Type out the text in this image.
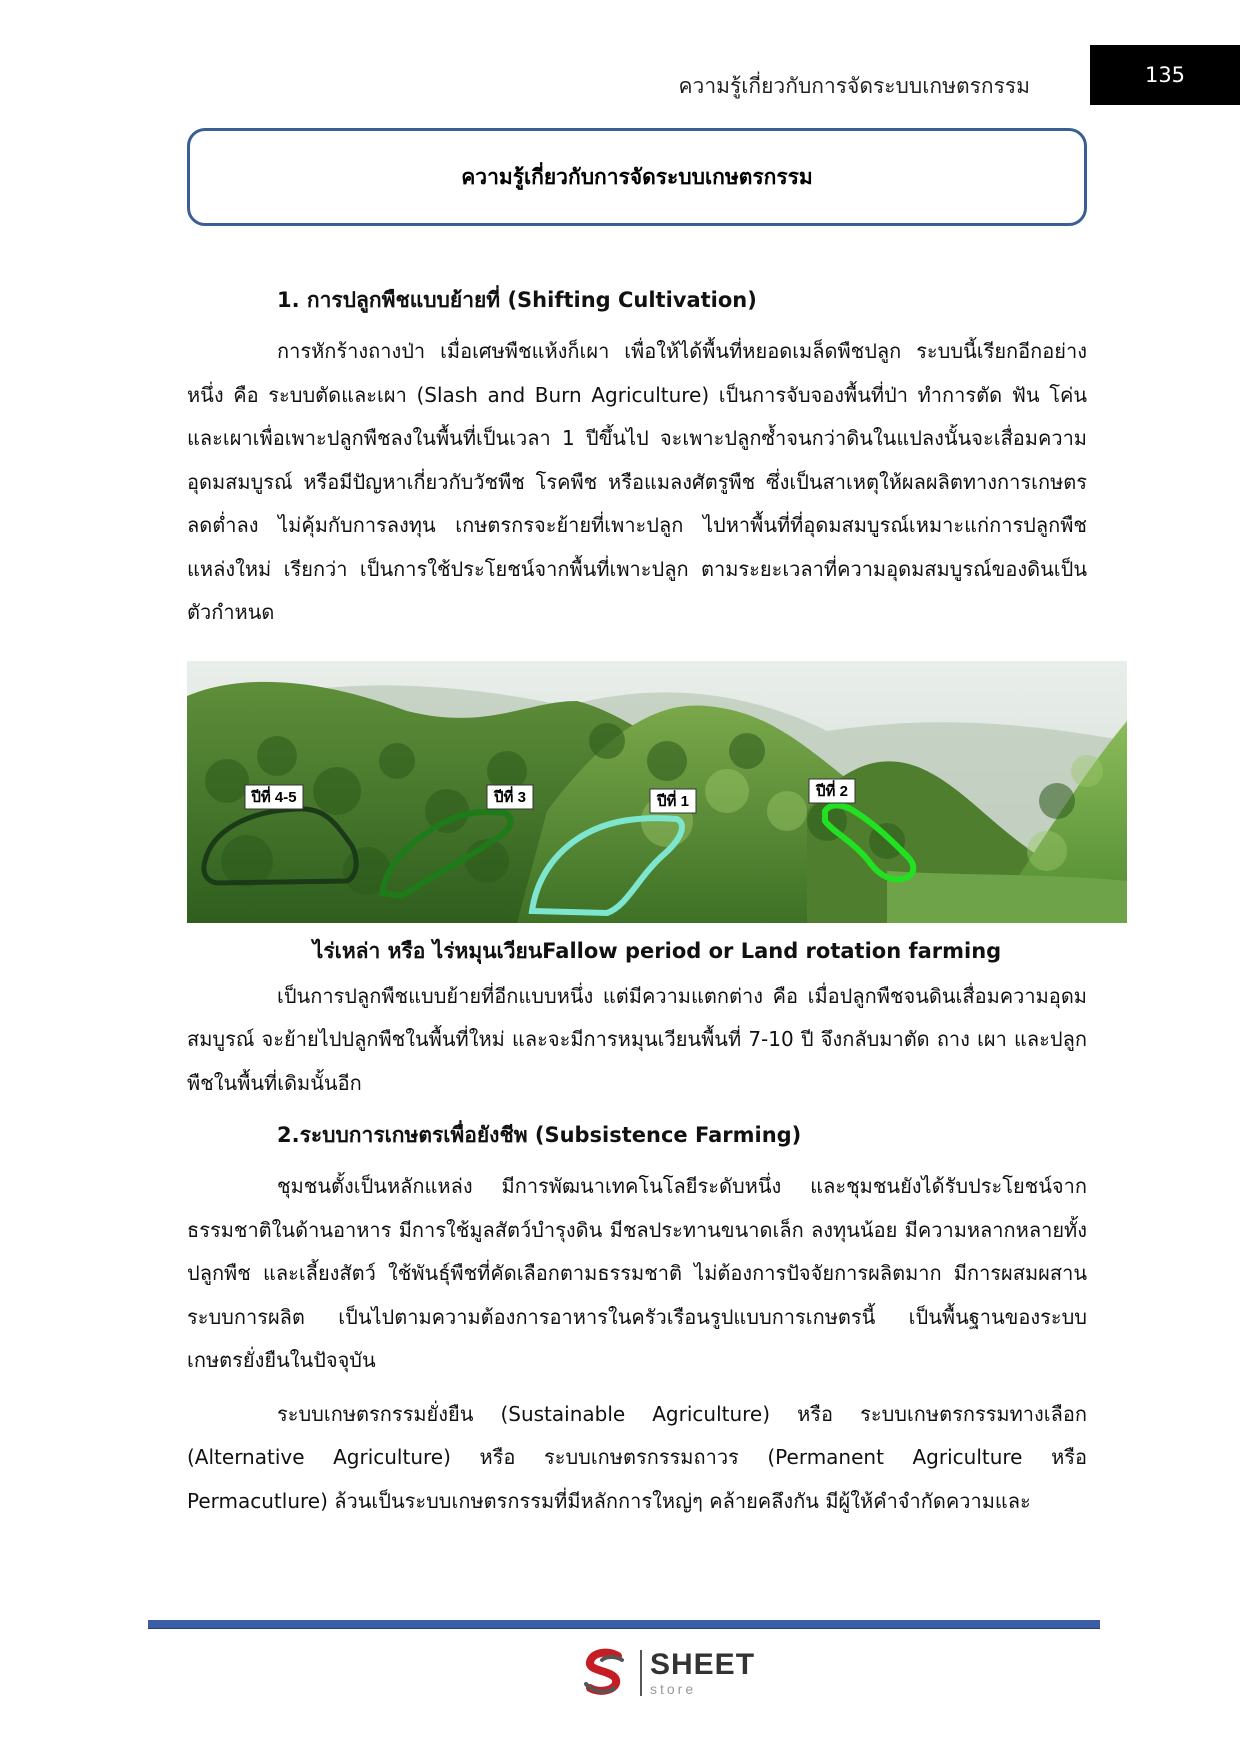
ความรู้เกี่ยวกับการจัดระบบเกษตรกรรม	135
ความรู้เกี่ยวกับการจัดระบบเกษตรกรรม
1. การปลูกพืชแบบย้ายที่ (Shifting Cultivation)

การหักร้างถางป่า เมื่อเศษพืชแห้งก็เผา เพื่อให้ได้พื้นที่หยอดเมล็ดพืชปลูก ระบบนี้เรียกอีกอย่างหนึ่ง คือ ระบบตัดและเผา (Slash and Burn Agriculture) เป็นการจับจองพื้นที่ป่า ทำการตัด ฟัน โค่น และเผาเพื่อเพาะปลูกพืชลงในพื้นที่เป็นเวลา 1 ปีขึ้นไป จะเพาะปลูกซ้ำจนกว่าดินในแปลงนั้นจะเสื่อมความอุดมสมบูรณ์ หรือมีปัญหาเกี่ยวกับวัชพืช โรคพืช หรือแมลงศัตรูพืช ซึ่งเป็นสาเหตุให้ผลผลิตทางการเกษตรลดต่ำลง ไม่คุ้มกับการลงทุน เกษตรกรจะย้ายที่เพาะปลูก ไปหาพื้นที่ที่อุดมสมบูรณ์เหมาะแก่การปลูกพืชแหล่งใหม่ เรียกว่า เป็นการใช้ประโยชน์จากพื้นที่เพาะปลูก ตามระยะเวลาที่ความอุดมสมบูรณ์ของดินเป็นตัวกำหนด

ปีที่ 4-5	ปีที่ 3	ปีที่ 1
ปีที่ 2
ไร่เหล่า หรือ ไร่หมุนเวียนFallow period or Land rotation farming

เป็นการปลูกพืชแบบย้ายที่อีกแบบหนึ่ง แต่มีความแตกต่าง คือ เมื่อปลูกพืชจนดินเสื่อมความอุดมสมบูรณ์ จะย้ายไปปลูกพืชในพื้นที่ใหม่ และจะมีการหมุนเวียนพื้นที่ 7-10 ปี จึงกลับมาตัด ถาง เผา และปลูกพืชในพื้นที่เดิมนั้นอีก

2.ระบบการเกษตรเพื่อยังชีพ (Subsistence Farming)

ชุมชนตั้งเป็นหลักแหล่ง มีการพัฒนาเทคโนโลยีระดับหนึ่ง และชุมชนยังได้รับประโยชน์จากธรรมชาติในด้านอาหาร มีการใช้มูลสัตว์บำรุงดิน มีชลประทานขนาดเล็ก ลงทุนน้อย มีความหลากหลายทั้งปลูกพืช และเลี้ยงสัตว์ ใช้พันธุ์พืชที่คัดเลือกตามธรรมชาติ ไม่ต้องการปัจจัยการผลิตมาก มีการผสมผสานระบบการผลิต เป็นไปตามความต้องการอาหารในครัวเรือนรูปแบบการเกษตรนี้ เป็นพื้นฐานของระบบเกษตรยั่งยืนในปัจจุบัน

ระบบเกษตรกรรมยั่งยืน (Sustainable Agriculture) หรือ ระบบเกษตรกรรมทางเลือก (Alternative Agriculture) หรือ ระบบเกษตรกรรมถาวร (Permanent Agriculture หรือ Permacutlure) ล้วนเป็นระบบเกษตรกรรมที่มีหลักการใหญ่ๆ คล้ายคลึงกัน มีผู้ให้คำจำกัดความและ

SHEET
store
